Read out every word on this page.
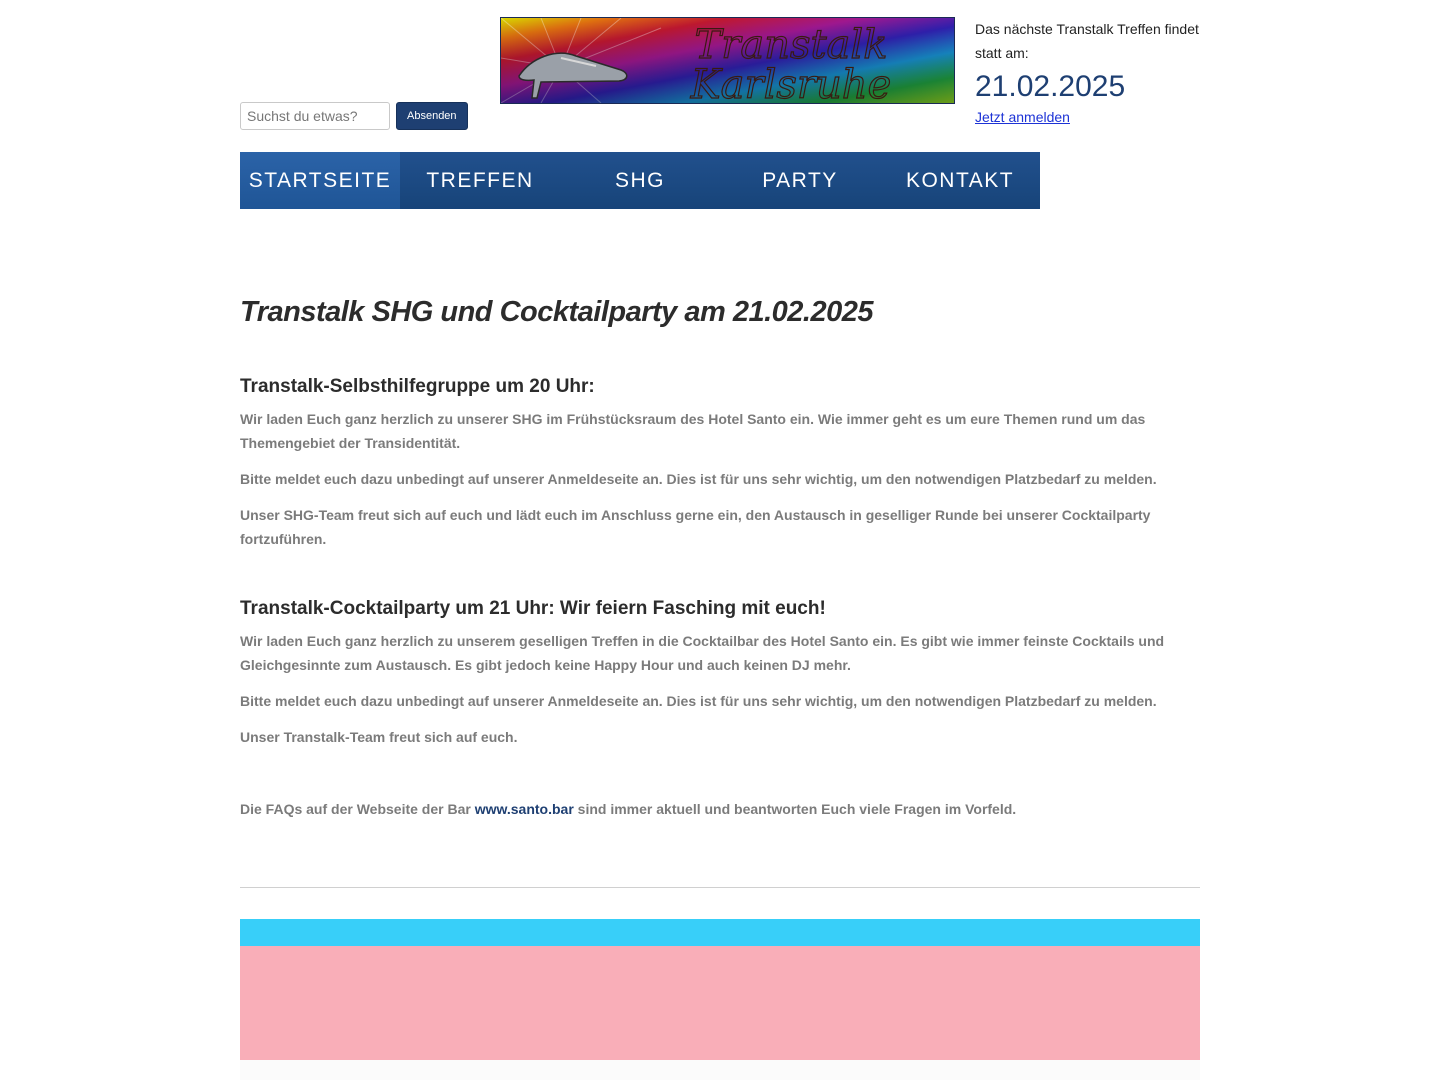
Suchst du etwas?
Absenden
Transtalk
Karlsruhe
Das nächste Transtalk Treffen findet statt am:
21.02.2025
Jetzt anmelden
STARTSEITE	TREFFEN	SHG	PARTY	KONTAKT
Transtalk SHG und Cocktailparty am 21.02.2025
Transtalk-Selbsthilfegruppe um 20 Uhr:

Wir laden Euch ganz herzlich zu unserer SHG im Frühstücksraum des Hotel Santo ein. Wie immer geht es um eure Themen rund um das Themengebiet der Transidentität.

Bitte meldet euch dazu unbedingt auf unserer Anmeldeseite an. Dies ist für uns sehr wichtig, um den notwendigen Platzbedarf zu melden.

Unser SHG-Team freut sich auf euch und lädt euch im Anschluss gerne ein, den Austausch in geselliger Runde bei unserer Cocktailparty fortzuführen.

Transtalk-Cocktailparty um 21 Uhr: Wir feiern Fasching mit euch!

Wir laden Euch ganz herzlich zu unserem geselligen Treffen in die Cocktailbar des Hotel Santo ein. Es gibt wie immer feinste Cocktails und Gleichgesinnte zum Austausch. Es gibt jedoch keine Happy Hour und auch keinen DJ mehr.

Bitte meldet euch dazu unbedingt auf unserer Anmeldeseite an. Dies ist für uns sehr wichtig, um den notwendigen Platzbedarf zu melden.

Unser Transtalk-Team freut sich auf euch.

Die FAQs auf der Webseite der Bar www.santo.bar sind immer aktuell und beantworten Euch viele Fragen im Vorfeld.
